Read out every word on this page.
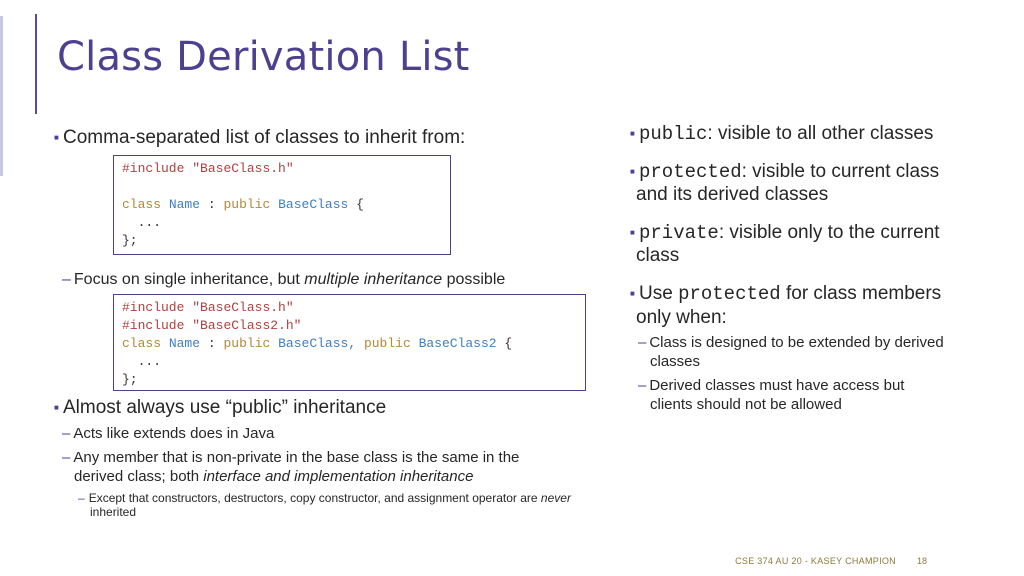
Class Derivation List
■ Comma-separated list of classes to inherit from:
#include "BaseClass.h"

class Name : public BaseClass {
...
};
– Focus on single inheritance, but multiple inheritance possible
#include "BaseClass.h"
#include "BaseClass2.h"
class Name : public BaseClass, public BaseClass2 {
...
};
■ Almost always use “public” inheritance
– Acts like extends does in Java
– Any member that is non-private in the base class is the same in the
derived class; both interface and implementation inheritance
– Except that constructors, destructors, copy constructor, and assignment operator are never
inherited
■ public: visible to all other classes
■ protected: visible to current class
and its derived classes
■ private: visible only to the current
class
■ Use protected for class members
only when:
– Class is designed to be extended by derived
classes
– Derived classes must have access but
clients should not be allowed
CSE 374 AU 20 - KASEY CHAMPION 18
